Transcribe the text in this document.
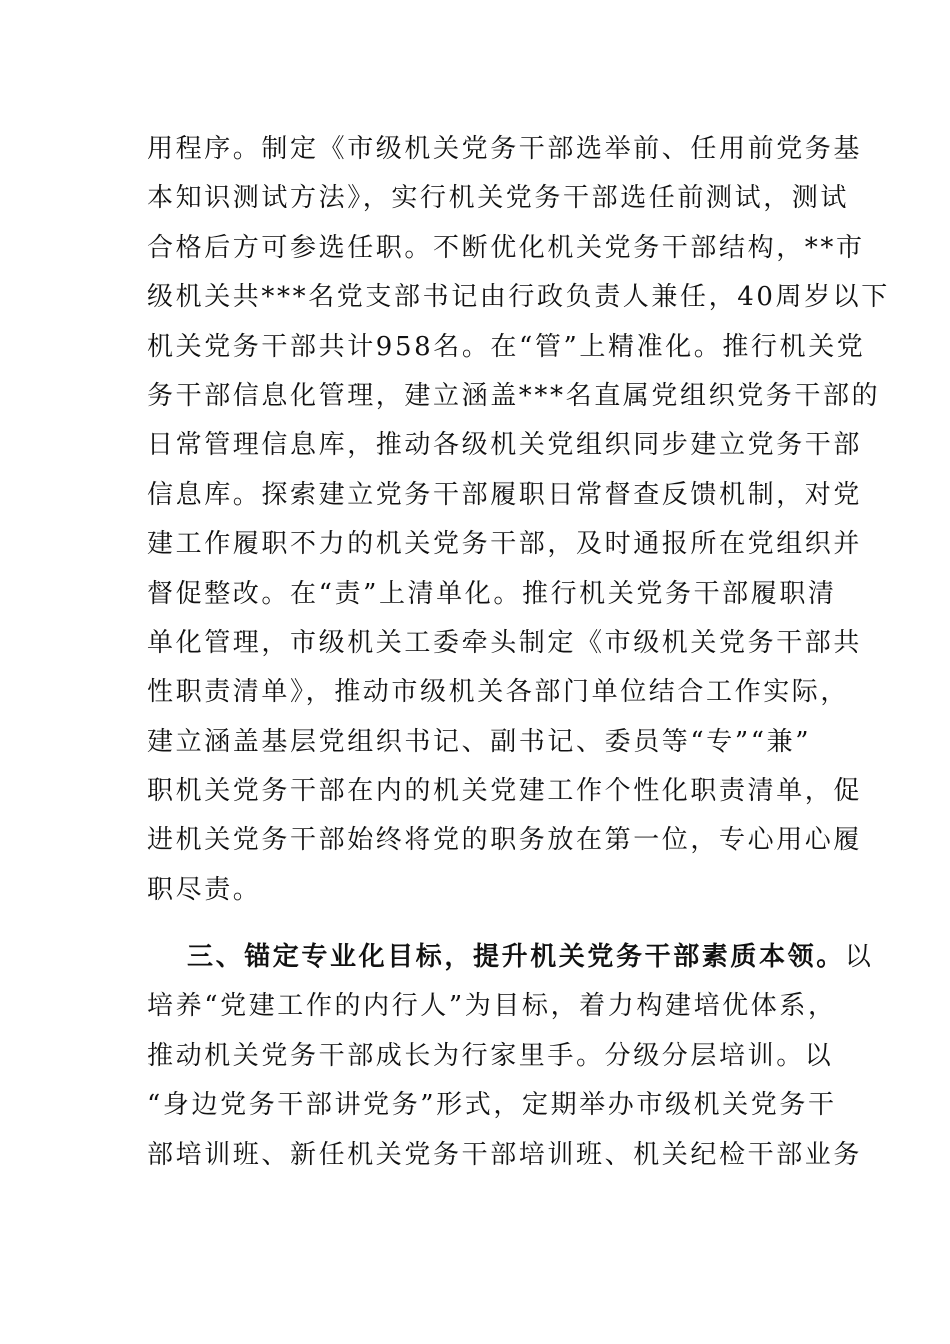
用程序。制定《市级机关党务干部选举前、任用前党务基
本知识测试方法》，实行机关党务干部选任前测试，测试
合格后方可参选任职。不断优化机关党务干部结构，**市
级机关共***名党支部书记由行政负责人兼任，40周岁以下
机关党务干部共计958名。在“管”上精准化。推行机关党
务干部信息化管理，建立涵盖***名直属党组织党务干部的
日常管理信息库，推动各级机关党组织同步建立党务干部
信息库。探索建立党务干部履职日常督查反馈机制，对党
建工作履职不力的机关党务干部，及时通报所在党组织并
督促整改。在“责”上清单化。推行机关党务干部履职清
单化管理，市级机关工委牵头制定《市级机关党务干部共
性职责清单》，推动市级机关各部门单位结合工作实际，
建立涵盖基层党组织书记、副书记、委员等“专”“兼”
职机关党务干部在内的机关党建工作个性化职责清单，促
进机关党务干部始终将党的职务放在第一位，专心用心履
职尽责。
三、锚定专业化目标，提升机关党务干部素质本领。以
培养“党建工作的内行人”为目标，着力构建培优体系，
推动机关党务干部成长为行家里手。分级分层培训。以
“身边党务干部讲党务”形式，定期举办市级机关党务干
部培训班、新任机关党务干部培训班、机关纪检干部业务
